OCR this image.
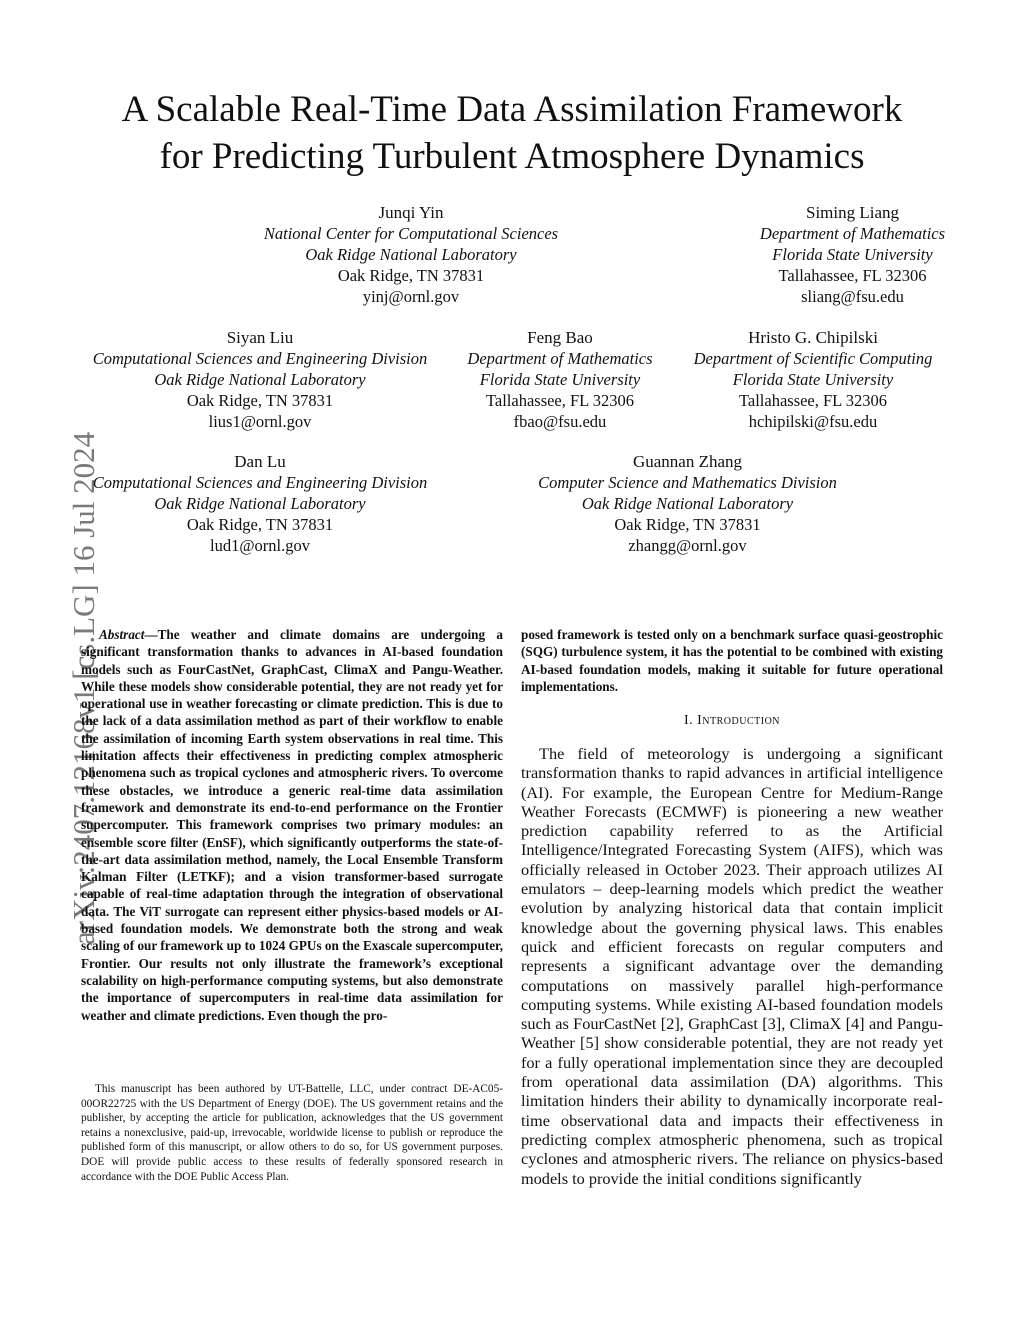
arXiv:2407.12168v1 [cs.LG] 16 Jul 2024
A Scalable Real-Time Data Assimilation Framework
for Predicting Turbulent Atmosphere Dynamics
Junqi Yin
National Center for Computational Sciences
Oak Ridge National Laboratory
Oak Ridge, TN 37831
yinj@ornl.gov
Siming Liang
Department of Mathematics
Florida State University
Tallahassee, FL 32306
sliang@fsu.edu
Siyan Liu
Computational Sciences and Engineering Division
Oak Ridge National Laboratory
Oak Ridge, TN 37831
lius1@ornl.gov
Feng Bao
Department of Mathematics
Florida State University
Tallahassee, FL 32306
fbao@fsu.edu
Hristo G. Chipilski
Department of Scientific Computing
Florida State University
Tallahassee, FL 32306
hchipilski@fsu.edu
Dan Lu
Computational Sciences and Engineering Division
Oak Ridge National Laboratory
Oak Ridge, TN 37831
lud1@ornl.gov
Guannan Zhang
Computer Science and Mathematics Division
Oak Ridge National Laboratory
Oak Ridge, TN 37831
zhangg@ornl.gov
Abstract—The weather and climate domains are undergoing a significant transformation thanks to advances in AI-based foundation models such as FourCastNet, GraphCast, ClimaX and Pangu-Weather. While these models show considerable potential, they are not ready yet for operational use in weather forecasting or climate prediction. This is due to the lack of a data assimilation method as part of their workflow to enable the assimilation of incoming Earth system observations in real time. This limitation affects their effectiveness in predicting complex atmospheric phenomena such as tropical cyclones and atmospheric rivers. To overcome these obstacles, we introduce a generic real-time data assimilation framework and demonstrate its end-to-end performance on the Frontier supercomputer. This framework comprises two primary modules: an ensemble score filter (EnSF), which significantly outperforms the state-of-the-art data assimilation method, namely, the Local Ensemble Transform Kalman Filter (LETKF); and a vision transformer-based surrogate capable of real-time adaptation through the integration of observational data. The ViT surrogate can represent either physics-based models or AI-based foundation models. We demonstrate both the strong and weak scaling of our framework up to 1024 GPUs on the Exascale supercomputer, Frontier. Our results not only illustrate the framework’s exceptional scalability on high-performance computing systems, but also demonstrate the importance of supercomputers in real-time data assimilation for weather and climate predictions. Even though the pro-
This manuscript has been authored by UT-Battelle, LLC, under contract DE-AC05-00OR22725 with the US Department of Energy (DOE). The US government retains and the publisher, by accepting the article for publication, acknowledges that the US government retains a nonexclusive, paid-up, irrevocable, worldwide license to publish or reproduce the published form of this manuscript, or allow others to do so, for US government purposes. DOE will provide public access to these results of federally sponsored research in accordance with the DOE Public Access Plan.
posed framework is tested only on a benchmark surface quasi-geostrophic (SQG) turbulence system, it has the potential to be combined with existing AI-based foundation models, making it suitable for future operational implementations.
I. Introduction
The field of meteorology is undergoing a significant transformation thanks to rapid advances in artificial intelligence (AI). For example, the European Centre for Medium-Range Weather Forecasts (ECMWF) is pioneering a new weather prediction capability referred to as the Artificial Intelligence/Integrated Forecasting System (AIFS), which was officially released in October 2023. Their approach utilizes AI emulators – deep-learning models which predict the weather evolution by analyzing historical data that contain implicit knowledge about the governing physical laws. This enables quick and efficient forecasts on regular computers and represents a significant advantage over the demanding computations on massively parallel high-performance computing systems. While existing AI-based foundation models such as FourCastNet [2], GraphCast [3], ClimaX [4] and Pangu-Weather [5] show considerable potential, they are not ready yet for a fully operational implementation since they are decoupled from operational data assimilation (DA) algorithms. This limitation hinders their ability to dynamically incorporate real-time observational data and impacts their effectiveness in predicting complex atmospheric phenomena, such as tropical cyclones and atmospheric rivers. The reliance on physics-based models to provide the initial conditions significantly
